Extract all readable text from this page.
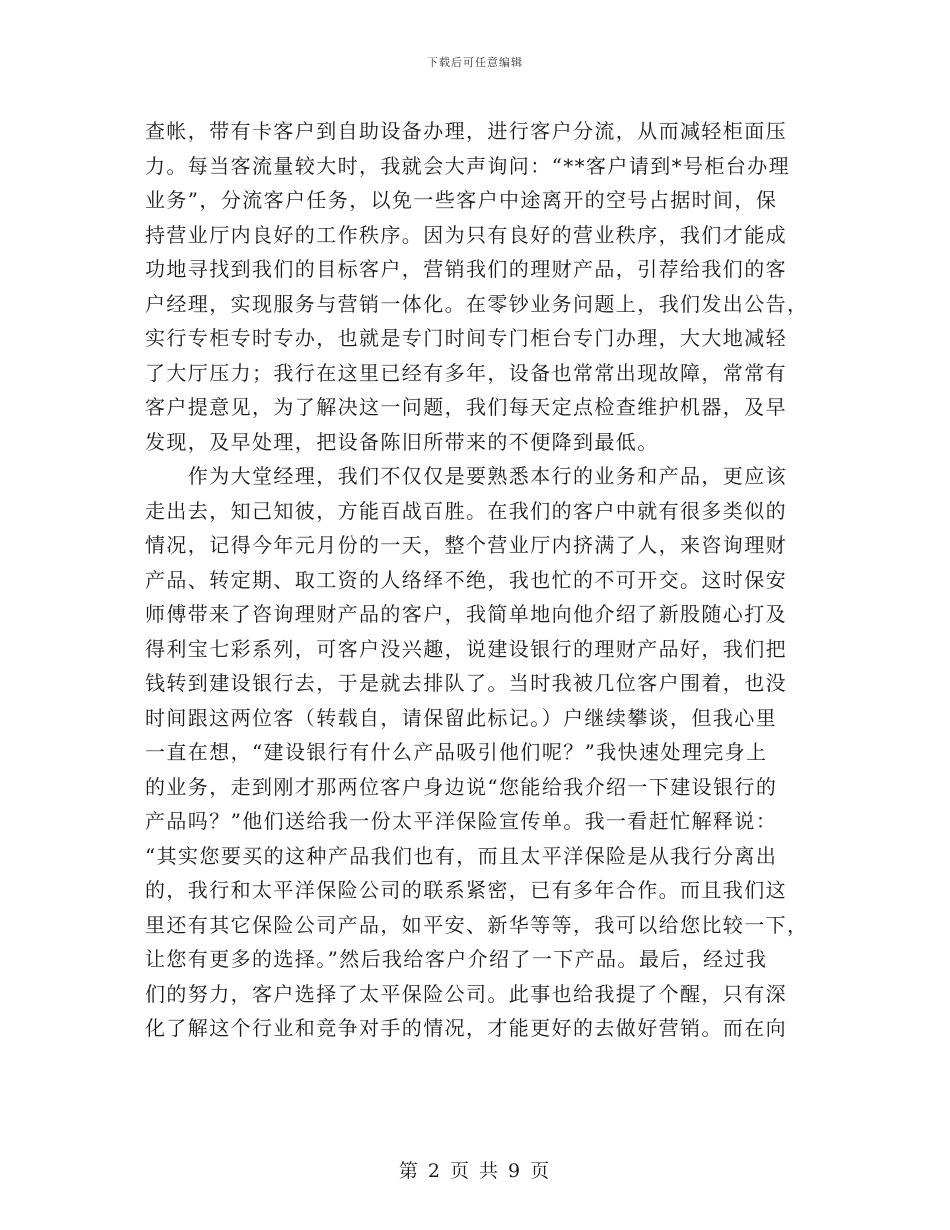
下载后可任意编辑
查帐，带有卡客户到自助设备办理，进行客户分流，从而减轻柜面压
力。每当客流量较大时，我就会大声询问：“**客户请到*号柜台办理
业务”，分流客户任务，以免一些客户中途离开的空号占据时间，保
持营业厅内良好的工作秩序。因为只有良好的营业秩序，我们才能成
功地寻找到我们的目标客户，营销我们的理财产品，引荐给我们的客
户经理，实现服务与营销一体化。在零钞业务问题上，我们发出公告，
实行专柜专时专办，也就是专门时间专门柜台专门办理，大大地减轻
了大厅压力；我行在这里已经有多年，设备也常常出现故障，常常有
客户提意见，为了解决这一问题，我们每天定点检查维护机器，及早
发现，及早处理，把设备陈旧所带来的不便降到最低。
　　作为大堂经理，我们不仅仅是要熟悉本行的业务和产品，更应该
走出去，知己知彼，方能百战百胜。在我们的客户中就有很多类似的
情况，记得今年元月份的一天，整个营业厅内挤满了人，来咨询理财
产品、转定期、取工资的人络绎不绝，我也忙的不可开交。这时保安
师傅带来了咨询理财产品的客户，我简单地向他介绍了新股随心打及
得利宝七彩系列，可客户没兴趣，说建设银行的理财产品好，我们把
钱转到建设银行去，于是就去排队了。当时我被几位客户围着，也没
时间跟这两位客（转载自，请保留此标记。）户继续攀谈，但我心里
一直在想，“建设银行有什么产品吸引他们呢？”我快速处理完身上
的业务，走到刚才那两位客户身边说“您能给我介绍一下建设银行的
产品吗？”他们送给我一份太平洋保险宣传单。我一看赶忙解释说：
“其实您要买的这种产品我们也有，而且太平洋保险是从我行分离出
的，我行和太平洋保险公司的联系紧密，已有多年合作。而且我们这
里还有其它保险公司产品，如平安、新华等等，我可以给您比较一下，
让您有更多的选择。”然后我给客户介绍了一下产品。最后，经过我
们的努力，客户选择了太平保险公司。此事也给我提了个醒，只有深
化了解这个行业和竞争对手的情况，才能更好的去做好营销。而在向
第 2 页 共 9 页
